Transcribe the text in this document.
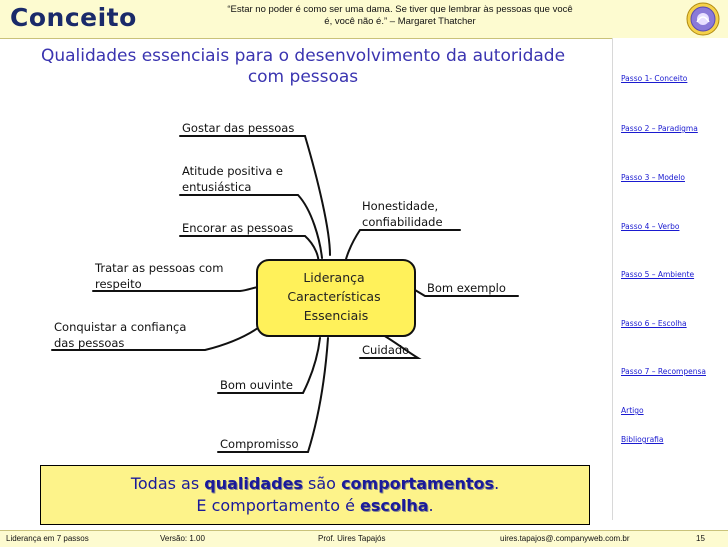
Conceito	“Estar no poder é como ser uma dama. Se tiver que lembrar às pessoas que você
é, você não é.” – Margaret Thatcher
Qualidades essenciais para o desenvolvimento da autoridade
com pessoas
Liderança Características Essenciais
Gostar das pessoas
Atitude positiva e entusiástica
Encorar as pessoas
Honestidade, confiabilidade
Tratar as pessoas com respeito	Bom exemplo
Conquistar a confiança das pessoas	Cuidado
Bom ouvinte
Compromisso
Passo 1- Conceito
Passo 2 – Paradigma
Passo 3 – Modelo
Passo 4 – Verbo
Passo 5 – Ambiente
Passo 6 – Escolha
Passo 7 – Recompensa
Artigo
Bibliografia
Todas as qualidades são comportamentos.
E comportamento é escolha.
Liderança em 7 passos	Versão: 1.00	Prof. Uires Tapajós	uires.tapajos@.companyweb.com.br	15
